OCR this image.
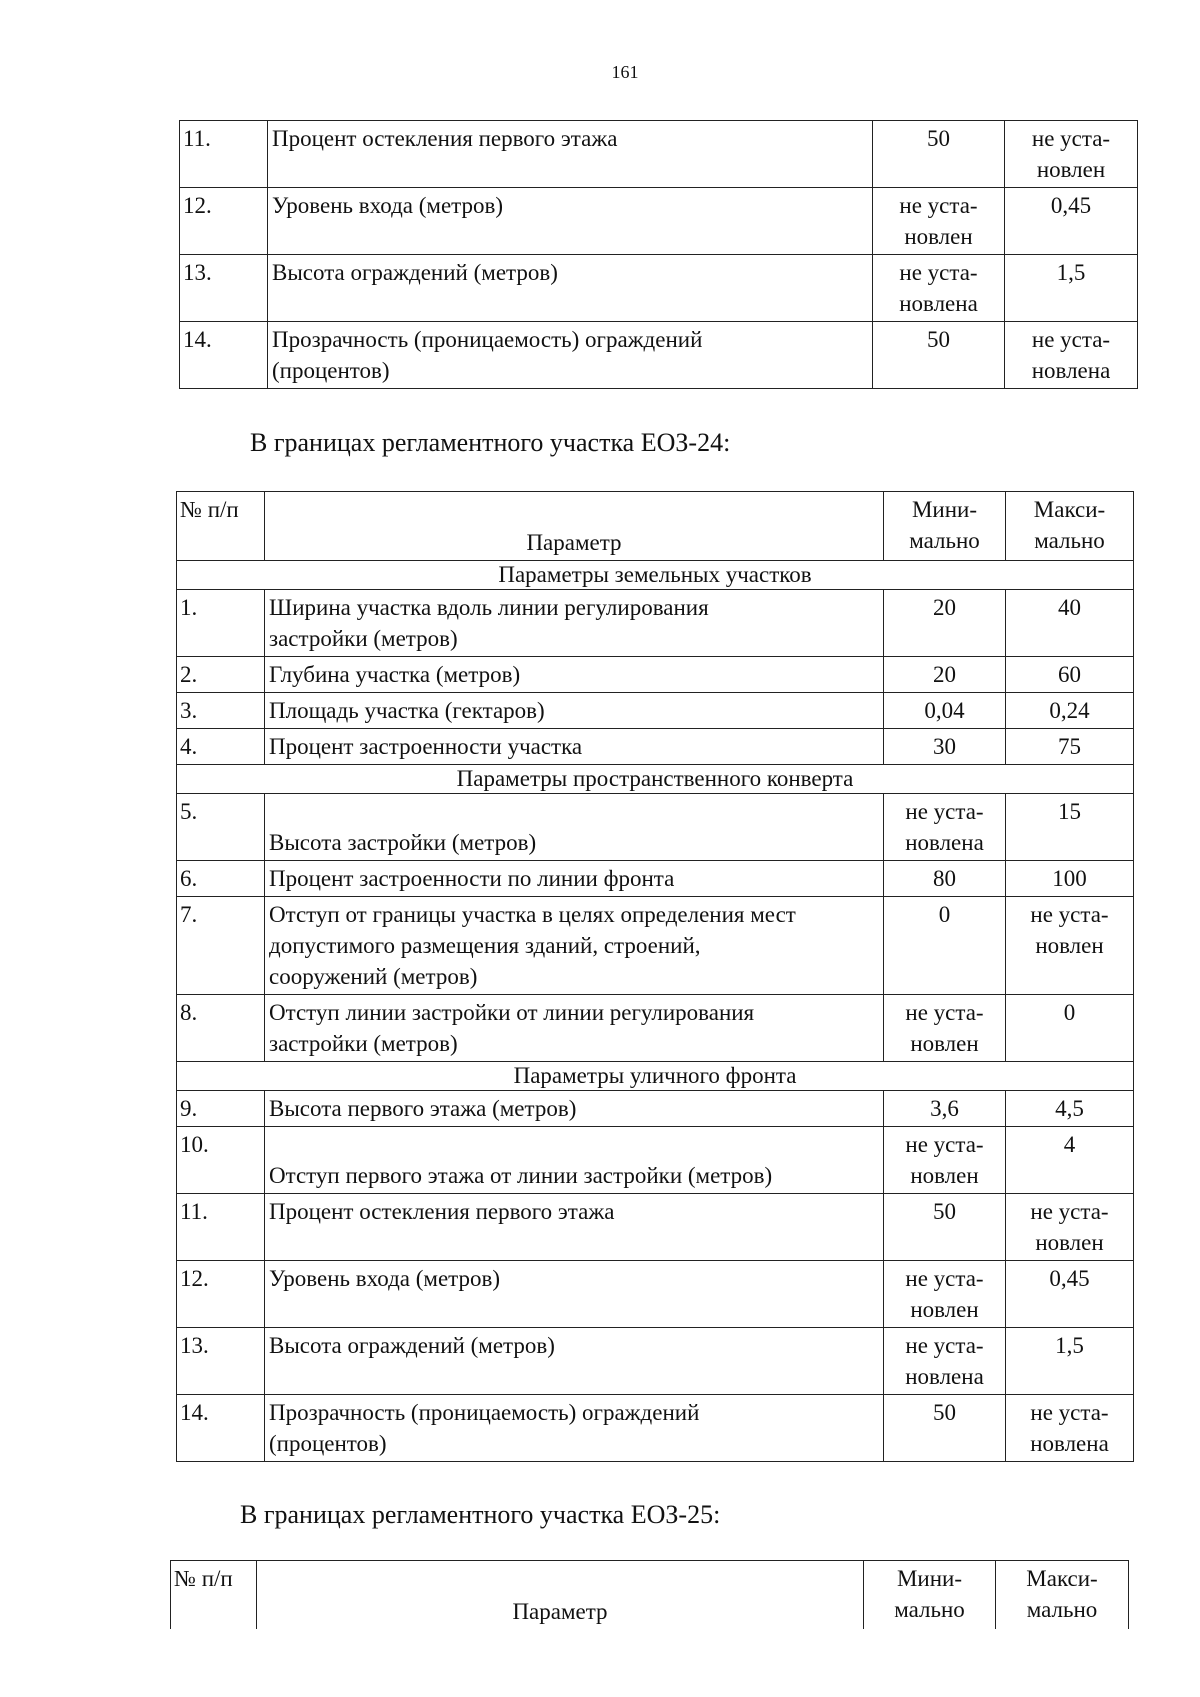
161
11.	Процент остекления первого этажа	50	не уста-
новлен
12.	Уровень входа (метров)	не уста-
новлен	0,45
13.	Высота ограждений (метров)	не уста-
новлена	1,5
14.	Прозрачность (проницаемость) ограждений
(процентов)	50	не уста-
новлена
В границах регламентного участка ЕОЗ-24:
№ п/п	Параметр	Мини-
мально	Макси-
мально
Параметры земельных участков			
1.	Ширина участка вдоль линии регулирования
застройки (метров)	20	40
2.	Глубина участка (метров)	20	60
3.	Площадь участка (гектаров)	0,04	0,24
4.	Процент застроенности участка	30	75
Параметры пространственного конверта			
5.	Высота застройки (метров)	не уста-
новлена	15
6.	Процент застроенности по линии фронта	80	100
7.	Отступ от границы участка в целях определения мест
допустимого размещения зданий, строений,
сооружений (метров)	0	не уста-
новлен
8.	Отступ линии застройки от линии регулирования
застройки (метров)	не уста-
новлен	0
Параметры уличного фронта			
9.	Высота первого этажа (метров)	3,6	4,5
10.	Отступ первого этажа от линии застройки (метров)	не уста-
новлен	4
11.	Процент остекления первого этажа	50	не уста-
новлен
12.	Уровень входа (метров)	не уста-
новлен	0,45
13.	Высота ограждений (метров)	не уста-
новлена	1,5
14.	Прозрачность (проницаемость) ограждений
(процентов)	50	не уста-
новлена
В границах регламентного участка ЕОЗ-25:
№ п/п	Параметр	Мини-
мально	Макси-
мально
